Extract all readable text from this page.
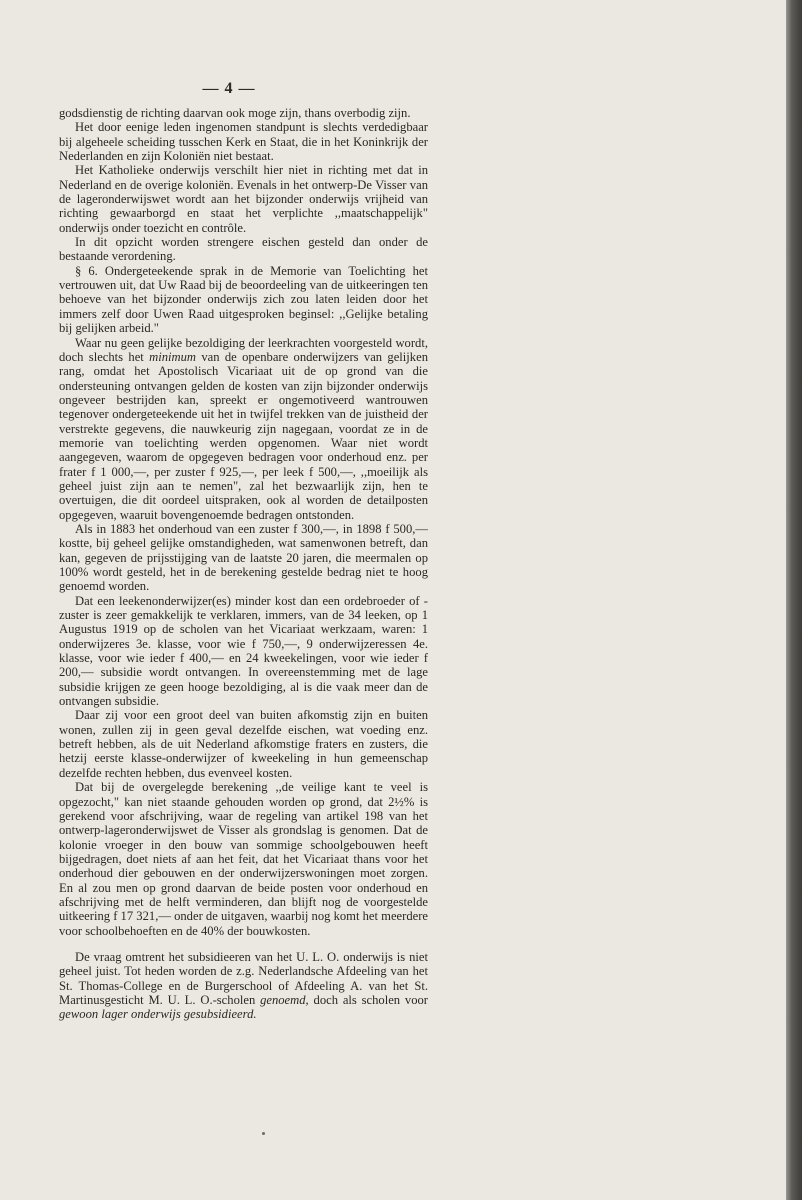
— 4 —

godsdienstig de richting daarvan ook moge zijn, thans overbodig zijn.

Het door eenige leden ingenomen standpunt is slechts verdedigbaar bij algeheele scheiding tusschen Kerk en Staat, die in het Koninkrijk der Nederlanden en zijn Koloniën niet bestaat.

Het Katholieke onderwijs verschilt hier niet in richting met dat in Nederland en de overige koloniën. Evenals in het ontwerp-De Visser van de lageronderwijswet wordt aan het bijzonder onderwijs vrijheid van richting gewaarborgd en staat het verplichte ,,maatschappelijk" onderwijs onder toezicht en contrôle.

In dit opzicht worden strengere eischen gesteld dan onder de bestaande verordening.

§ 6. Ondergeteekende sprak in de Memorie van Toelichting het vertrouwen uit, dat Uw Raad bij de beoordeeling van de uitkeeringen ten behoeve van het bijzonder onderwijs zich zou laten leiden door het immers zelf door Uwen Raad uitgesproken beginsel: ,,Gelijke betaling bij gelijken arbeid."

Waar nu geen gelijke bezoldiging der leerkrachten voorgesteld wordt, doch slechts het minimum van de openbare onderwijzers van gelijken rang, omdat het Apostolisch Vicariaat uit de op grond van die ondersteuning ontvangen gelden de kosten van zijn bijzonder onderwijs ongeveer bestrijden kan, spreekt er ongemotiveerd wantrouwen tegenover ondergeteekende uit het in twijfel trekken van de juistheid der verstrekte gegevens, die nauwkeurig zijn nagegaan, voordat ze in de memorie van toelichting werden opgenomen. Waar niet wordt aangegeven, waarom de opgegeven bedragen voor onderhoud enz. per frater f 1 000,—, per zuster f 925,—, per leek f 500,—, ,,moeilijk als geheel juist zijn aan te nemen", zal het bezwaarlijk zijn, hen te overtuigen, die dit oordeel uitspraken, ook al worden de detailposten opgegeven, waaruit bovengenoemde bedragen ontstonden.

Als in 1883 het onderhoud van een zuster f 300,—, in 1898 f 500,— kostte, bij geheel gelijke omstandigheden, wat samenwonen betreft, dan kan, gegeven de prijsstijging van de laatste 20 jaren, die meermalen op 100% wordt gesteld, het in de berekening gestelde bedrag niet te hoog genoemd worden.

Dat een leekenonderwijzer(es) minder kost dan een ordebroeder of -zuster is zeer gemakkelijk te verklaren, immers, van de 34 leeken, op 1 Augustus 1919 op de scholen van het Vicariaat werkzaam, waren: 1 onderwijzeres 3e. klasse, voor wie f 750,—, 9 onderwijzeressen 4e. klasse, voor wie ieder f 400,— en 24 kweekelingen, voor wie ieder f 200,— subsidie wordt ontvangen. In overeenstemming met de lage subsidie krijgen ze geen hooge bezoldiging, al is die vaak meer dan de ontvangen subsidie.

Daar zij voor een groot deel van buiten afkomstig zijn en buiten wonen, zullen zij in geen geval dezelfde eischen, wat voeding enz. betreft hebben, als de uit Nederland afkomstige fraters en zusters, die hetzij eerste klasse-onderwijzer of kweekeling in hun gemeenschap dezelfde rechten hebben, dus evenveel kosten.

Dat bij de overgelegde berekening ,,de veilige kant te veel is opgezocht," kan niet staande gehouden worden op grond, dat 2½% is gerekend voor afschrijving, waar de regeling van artikel 198 van het ontwerp-lageronderwijswet de Visser als grondslag is genomen. Dat de kolonie vroeger in den bouw van sommige schoolgebouwen heeft bijgedragen, doet niets af aan het feit, dat het Vicariaat thans voor het onderhoud dier gebouwen en der onderwijzerswoningen moet zorgen. En al zou men op grond daarvan de beide posten voor onderhoud en afschrijving met de helft verminderen, dan blijft nog de voorgestelde uitkeering f 17 321,— onder de uitgaven, waarbij nog komt het meerdere voor schoolbehoeften en de 40% der bouwkosten.

De vraag omtrent het subsidieeren van het U. L. O. onderwijs is niet geheel juist. Tot heden worden de z.g. Nederlandsche Afdeeling van het St. Thomas-College en de Burgerschool of Afdeeling A. van het St. Martinusgesticht M. U. L. O.-scholen genoemd, doch als scholen voor gewoon lager onderwijs gesubsidieerd.
